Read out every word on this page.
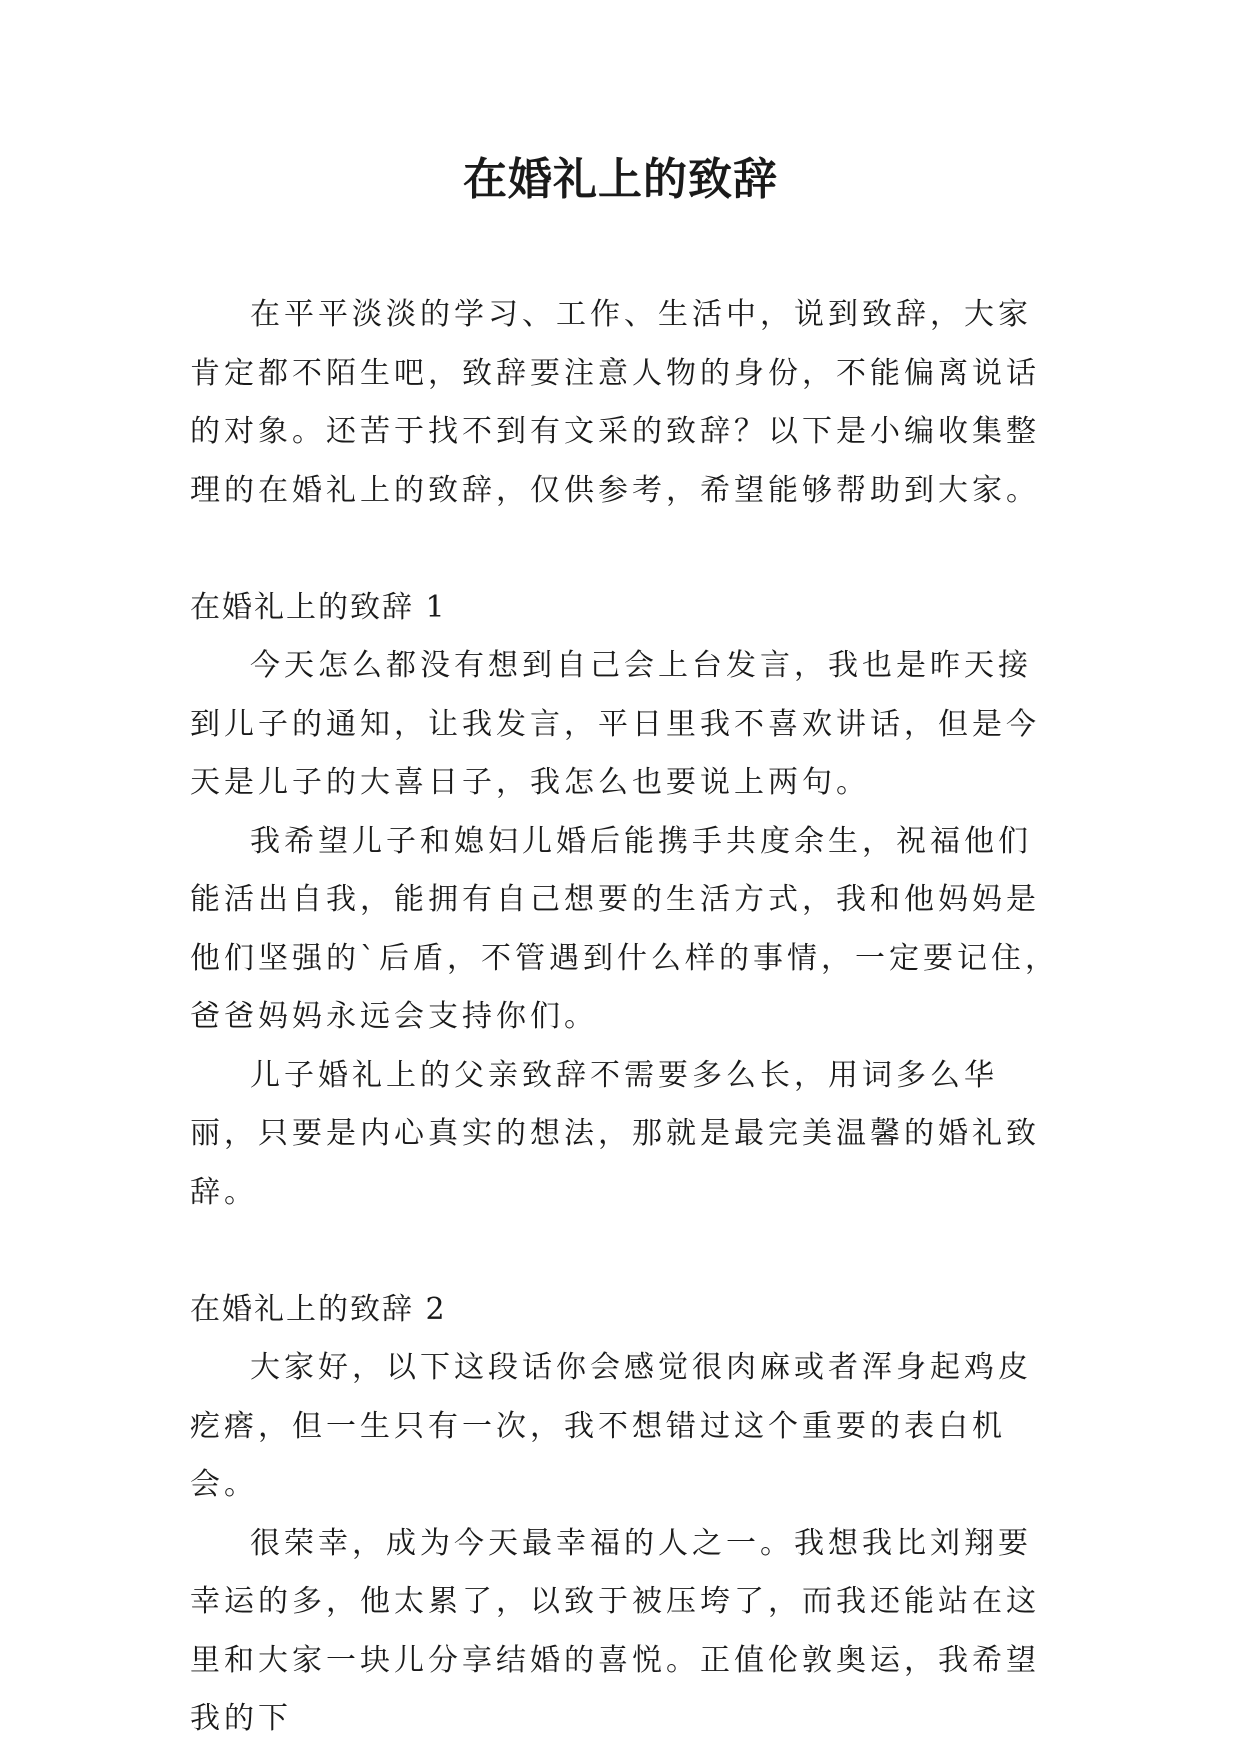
在婚礼上的致辞

在平平淡淡的学习、工作、生活中，说到致辞，大家肯定都不陌生吧，致辞要注意人物的身份，不能偏离说话的对象。还苦于找不到有文采的致辞？以下是小编收集整理的在婚礼上的致辞，仅供参考，希望能够帮助到大家。

在婚礼上的致辞 1

今天怎么都没有想到自己会上台发言，我也是昨天接到儿子的通知，让我发言，平日里我不喜欢讲话，但是今天是儿子的大喜日子，我怎么也要说上两句。

我希望儿子和媳妇儿婚后能携手共度余生，祝福他们能活出自我，能拥有自己想要的生活方式，我和他妈妈是他们坚强的`后盾，不管遇到什么样的事情，一定要记住，爸爸妈妈永远会支持你们。

儿子婚礼上的父亲致辞不需要多么长，用词多么华丽，只要是内心真实的想法，那就是最完美温馨的婚礼致辞。

在婚礼上的致辞 2

大家好，以下这段话你会感觉很肉麻或者浑身起鸡皮疙瘩，但一生只有一次，我不想错过这个重要的表白机会。

很荣幸，成为今天最幸福的人之一。我想我比刘翔要幸运的多，他太累了，以致于被压垮了，而我还能站在这里和大家一块儿分享结婚的喜悦。正值伦敦奥运，我希望我的下
